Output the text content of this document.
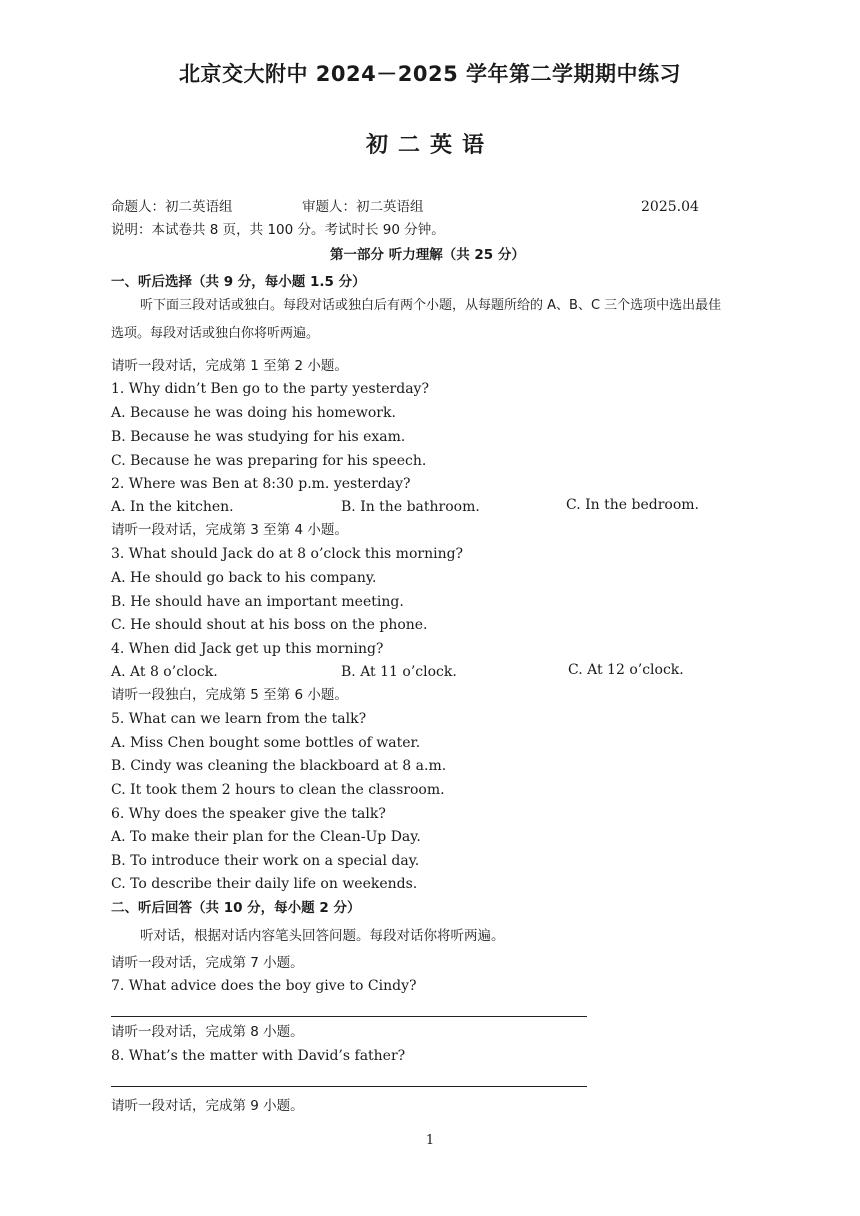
北京交大附中 2024－2025 学年第二学期期中练习
初二英语
命题人：初二英语组	审题人：初二英语组	2025.04
说明：本试卷共 8 页，共 100 分。考试时长 90 分钟。
第一部分 听力理解（共 25 分）
一、听后选择（共 9 分，每小题 1.5 分）
听下面三段对话或独白。每段对话或独白后有两个小题，从每题所给的 A、B、C 三个选项中选出最佳
选项。每段对话或独白你将听两遍。
请听一段对话，完成第 1 至第 2 小题。
1. Why didn’t Ben go to the party yesterday?
A. Because he was doing his homework.
B. Because he was studying for his exam.
C. Because he was preparing for his speech.
2. Where was Ben at 8:30 p.m. yesterday?
A. In the kitchen.	B. In the bathroom.	C. In the bedroom.
请听一段对话，完成第 3 至第 4 小题。
3. What should Jack do at 8 o’clock this morning?
A. He should go back to his company.
B. He should have an important meeting.
C. He should shout at his boss on the phone.
4. When did Jack get up this morning?
A. At 8 o’clock.	B. At 11 o’clock.	C. At 12 o’clock.
请听一段独白，完成第 5 至第 6 小题。
5. What can we learn from the talk?
A. Miss Chen bought some bottles of water.
B. Cindy was cleaning the blackboard at 8 a.m.
C. It took them 2 hours to clean the classroom.
6. Why does the speaker give the talk?
A. To make their plan for the Clean-Up Day.
B. To introduce their work on a special day.
C. To describe their daily life on weekends.
二、听后回答（共 10 分，每小题 2 分）
听对话，根据对话内容笔头回答问题。每段对话你将听两遍。
请听一段对话，完成第 7 小题。
7. What advice does the boy give to Cindy?
请听一段对话，完成第 8 小题。
8. What’s the matter with David’s father?
请听一段对话，完成第 9 小题。
1
